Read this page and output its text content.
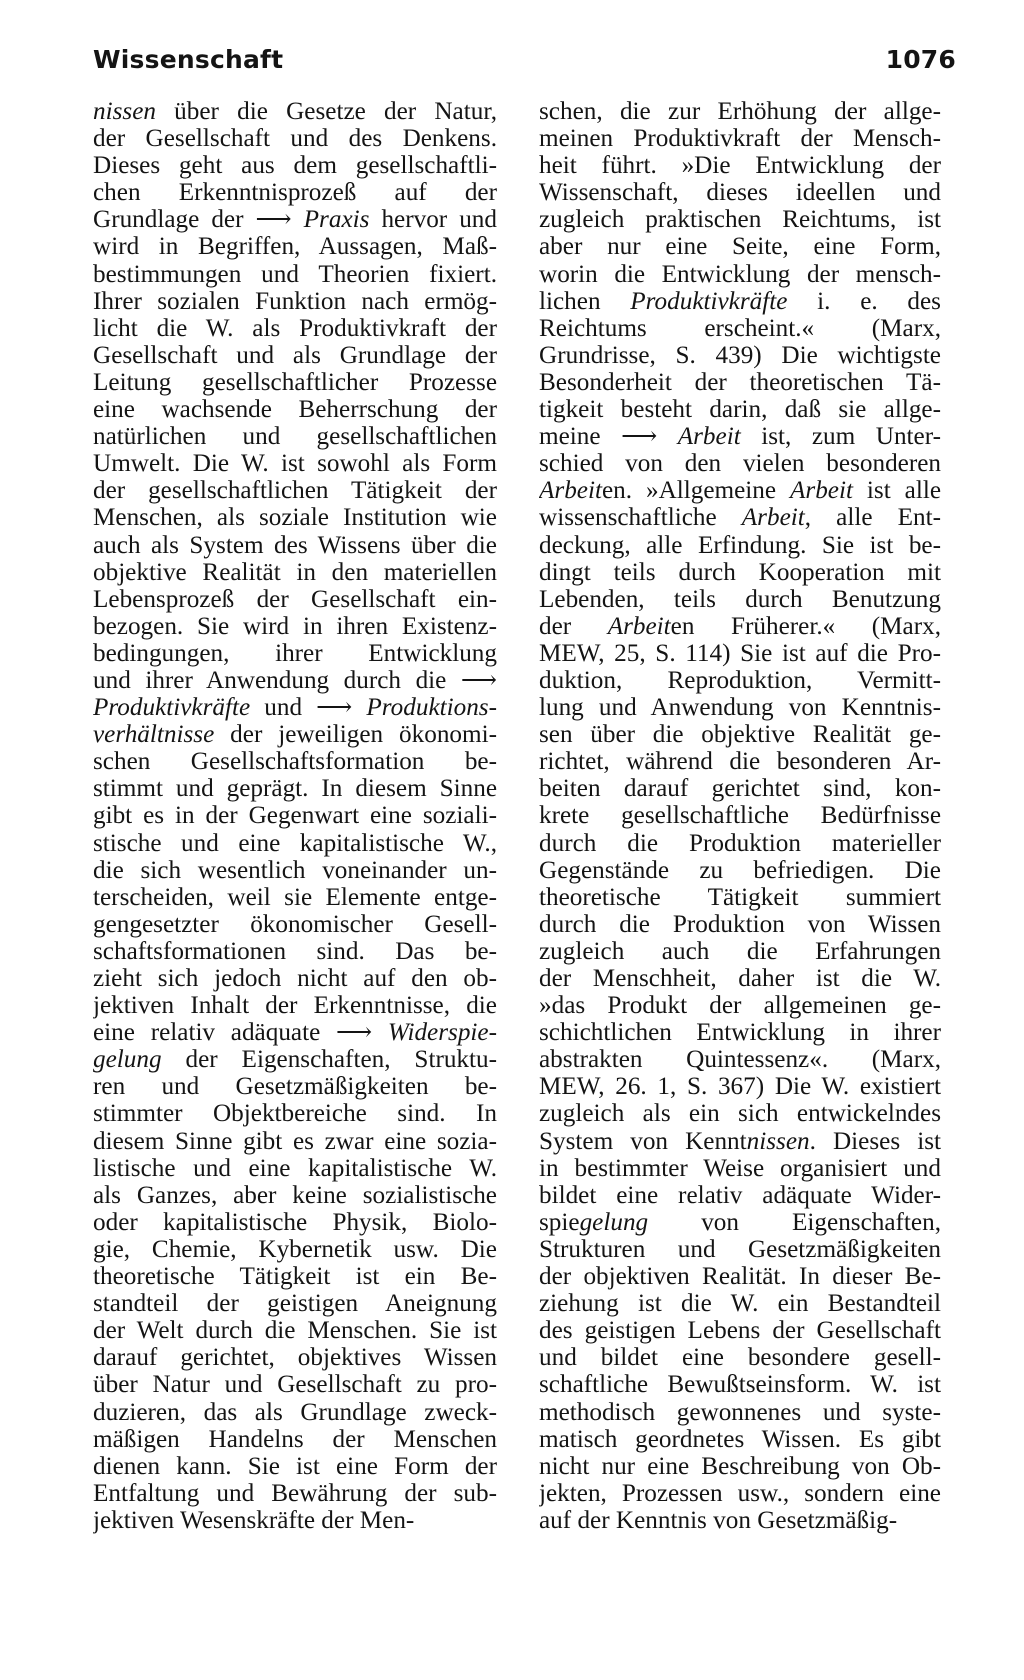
Wissenschaft	1076
nissen über die Gesetze der Natur,
der Gesellschaft und des Denkens.
Dieses geht aus dem gesellschaftli-
chen Erkenntnisprozeß auf der
Grundlage der ⟶ Praxis hervor und
wird in Begriffen, Aussagen, Maß-
bestimmungen und Theorien fixiert.
Ihrer sozialen Funktion nach ermög-
licht die W. als Produktivkraft der
Gesellschaft und als Grundlage der
Leitung gesellschaftlicher Prozesse
eine wachsende Beherrschung der
natürlichen und gesellschaftlichen
Umwelt. Die W. ist sowohl als Form
der gesellschaftlichen Tätigkeit der
Menschen, als soziale Institution wie
auch als System des Wissens über die
objektive Realität in den materiellen
Lebensprozeß der Gesellschaft ein-
bezogen. Sie wird in ihren Existenz-
bedingungen, ihrer Entwicklung
und ihrer Anwendung durch die ⟶
Produktivkräfte und ⟶ Produktions-
verhältnisse der jeweiligen ökonomi-
schen Gesellschaftsformation be-
stimmt und geprägt. In diesem Sinne
gibt es in der Gegenwart eine soziali-
stische und eine kapitalistische W.,
die sich wesentlich voneinander un-
terscheiden, weil sie Elemente entge-
gengesetzter ökonomischer Gesell-
schaftsformationen sind. Das be-
zieht sich jedoch nicht auf den ob-
jektiven Inhalt der Erkenntnisse, die
eine relativ adäquate ⟶ Widerspie-
gelung der Eigenschaften, Struktu-
ren und Gesetzmäßigkeiten be-
stimmter Objektbereiche sind. In
diesem Sinne gibt es zwar eine sozia-
listische und eine kapitalistische W.
als Ganzes, aber keine sozialistische
oder kapitalistische Physik, Biolo-
gie, Chemie, Kybernetik usw. Die
theoretische Tätigkeit ist ein Be-
standteil der geistigen Aneignung
der Welt durch die Menschen. Sie ist
darauf gerichtet, objektives Wissen
über Natur und Gesellschaft zu pro-
duzieren, das als Grundlage zweck-
mäßigen Handelns der Menschen
dienen kann. Sie ist eine Form der
Entfaltung und Bewährung der sub-
jektiven Wesenskräfte der Men-
schen, die zur Erhöhung der allge-
meinen Produktivkraft der Mensch-
heit führt. »Die Entwicklung der
Wissenschaft, dieses ideellen und
zugleich praktischen Reichtums, ist
aber nur eine Seite, eine Form,
worin die Entwicklung der mensch-
lichen Produktivkräfte i. e. des
Reichtums erscheint.« (Marx,
Grundrisse, S. 439) Die wichtigste
Besonderheit der theoretischen Tä-
tigkeit besteht darin, daß sie allge-
meine ⟶ Arbeit ist, zum Unter-
schied von den vielen besonderen
Arbeiten. »Allgemeine Arbeit ist alle
wissenschaftliche Arbeit, alle Ent-
deckung, alle Erfindung. Sie ist be-
dingt teils durch Kooperation mit
Lebenden, teils durch Benutzung
der Arbeiten Früherer.« (Marx,
MEW, 25, S. 114) Sie ist auf die Pro-
duktion, Reproduktion, Vermitt-
lung und Anwendung von Kenntnis-
sen über die objektive Realität ge-
richtet, während die besonderen Ar-
beiten darauf gerichtet sind, kon-
krete gesellschaftliche Bedürfnisse
durch die Produktion materieller
Gegenstände zu befriedigen. Die
theoretische Tätigkeit summiert
durch die Produktion von Wissen
zugleich auch die Erfahrungen
der Menschheit, daher ist die W.
»das Produkt der allgemeinen ge-
schichtlichen Entwicklung in ihrer
abstrakten Quintessenz«. (Marx,
MEW, 26. 1, S. 367) Die W. existiert
zugleich als ein sich entwickelndes
System von Kenntnissen. Dieses ist
in bestimmter Weise organisiert und
bildet eine relativ adäquate Wider-
spiegelung von Eigenschaften,
Strukturen und Gesetzmäßigkeiten
der objektiven Realität. In dieser Be-
ziehung ist die W. ein Bestandteil
des geistigen Lebens der Gesellschaft
und bildet eine besondere gesell-
schaftliche Bewußtseinsform. W. ist
methodisch gewonnenes und syste-
matisch geordnetes Wissen. Es gibt
nicht nur eine Beschreibung von Ob-
jekten, Prozessen usw., sondern eine
auf der Kenntnis von Gesetzmäßig-
